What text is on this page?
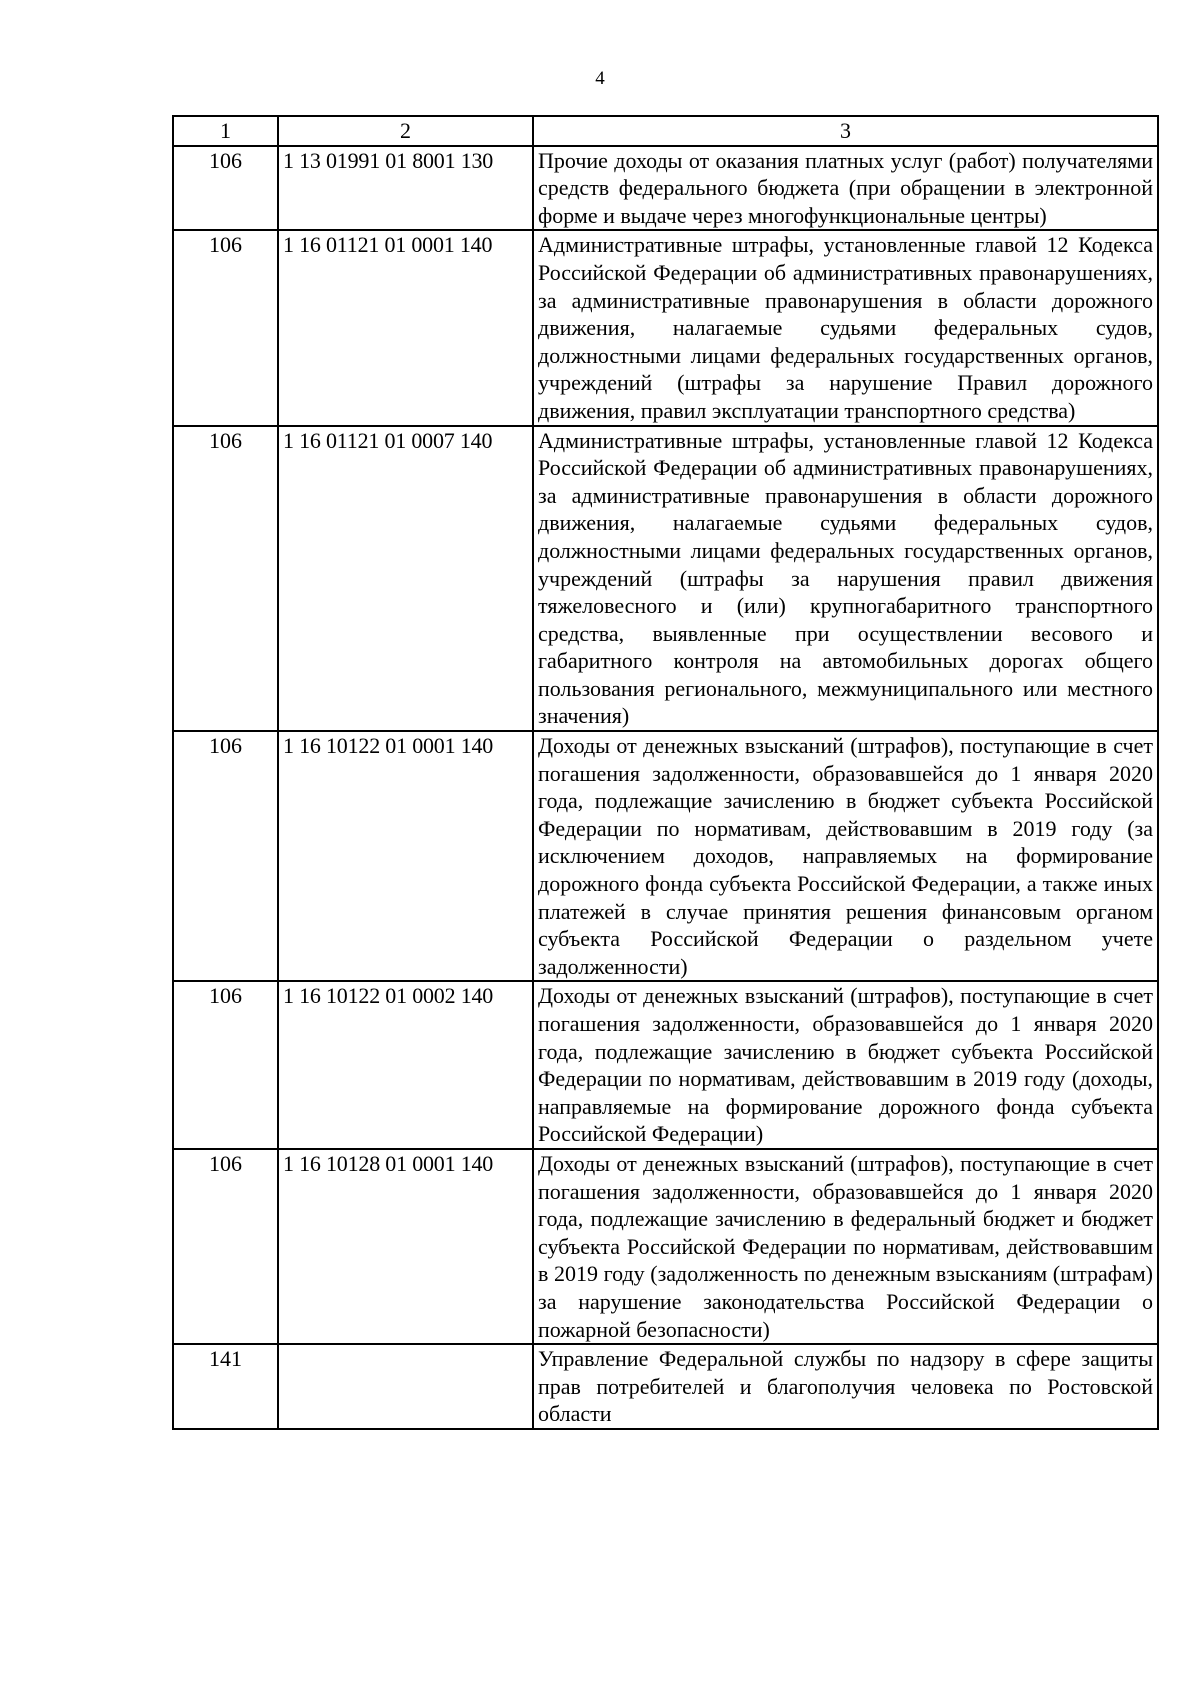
4
1	2	3
106	1 13 01991 01 8001 130	Прочие доходы от оказания платных услуг (работ) получателями средств федерального бюджета (при обращении в электронной форме и выдаче через многофункциональные центры)
106	1 16 01121 01 0001 140	Административные штрафы, установленные главой 12 Кодекса Российской Федерации об административных правонарушениях, за административные правонарушения в области дорожного движения, налагаемые судьями федеральных судов, должностными лицами федеральных государственных органов, учреждений (штрафы за нарушение Правил дорожного движения, правил эксплуатации транспортного средства)
106	1 16 01121 01 0007 140	Административные штрафы, установленные главой 12 Кодекса Российской Федерации об административных правонарушениях, за административные правонарушения в области дорожного движения, налагаемые судьями федеральных судов, должностными лицами федеральных государственных органов, учреждений (штрафы за нарушения правил движения тяжеловесного и (или) крупногабаритного транспортного средства, выявленные при осуществлении весового и габаритного контроля на автомобильных дорогах общего пользования регионального, межмуниципального или местного значения)
106	1 16 10122 01 0001 140	Доходы от денежных взысканий (штрафов), поступающие в счет погашения задолженности, образовавшейся до 1 января 2020 года, подлежащие зачислению в бюджет субъекта Российской Федерации по нормативам, действовавшим в 2019 году (за исключением доходов, направляемых на формирование дорожного фонда субъекта Российской Федерации, а также иных платежей в случае принятия решения финансовым органом субъекта Российской Федерации о раздельном учете задолженности)
106	1 16 10122 01 0002 140	Доходы от денежных взысканий (штрафов), поступающие в счет погашения задолженности, образовавшейся до 1 января 2020 года, подлежащие зачислению в бюджет субъекта Российской Федерации по нормативам, действовавшим в 2019 году (доходы, направляемые на формирование дорожного фонда субъекта Российской Федерации)
106	1 16 10128 01 0001 140	Доходы от денежных взысканий (штрафов), поступающие в счет погашения задолженности, образовавшейся до 1 января 2020 года, подлежащие зачислению в федеральный бюджет и бюджет субъекта Российской Федерации по нормативам, действовавшим в 2019 году (задолженность по денежным взысканиям (штрафам) за нарушение законодательства Российской Федерации о пожарной безопасности)
141		Управление Федеральной службы по надзору в сфере защиты прав потребителей и благополучия человека по Ростовской области
